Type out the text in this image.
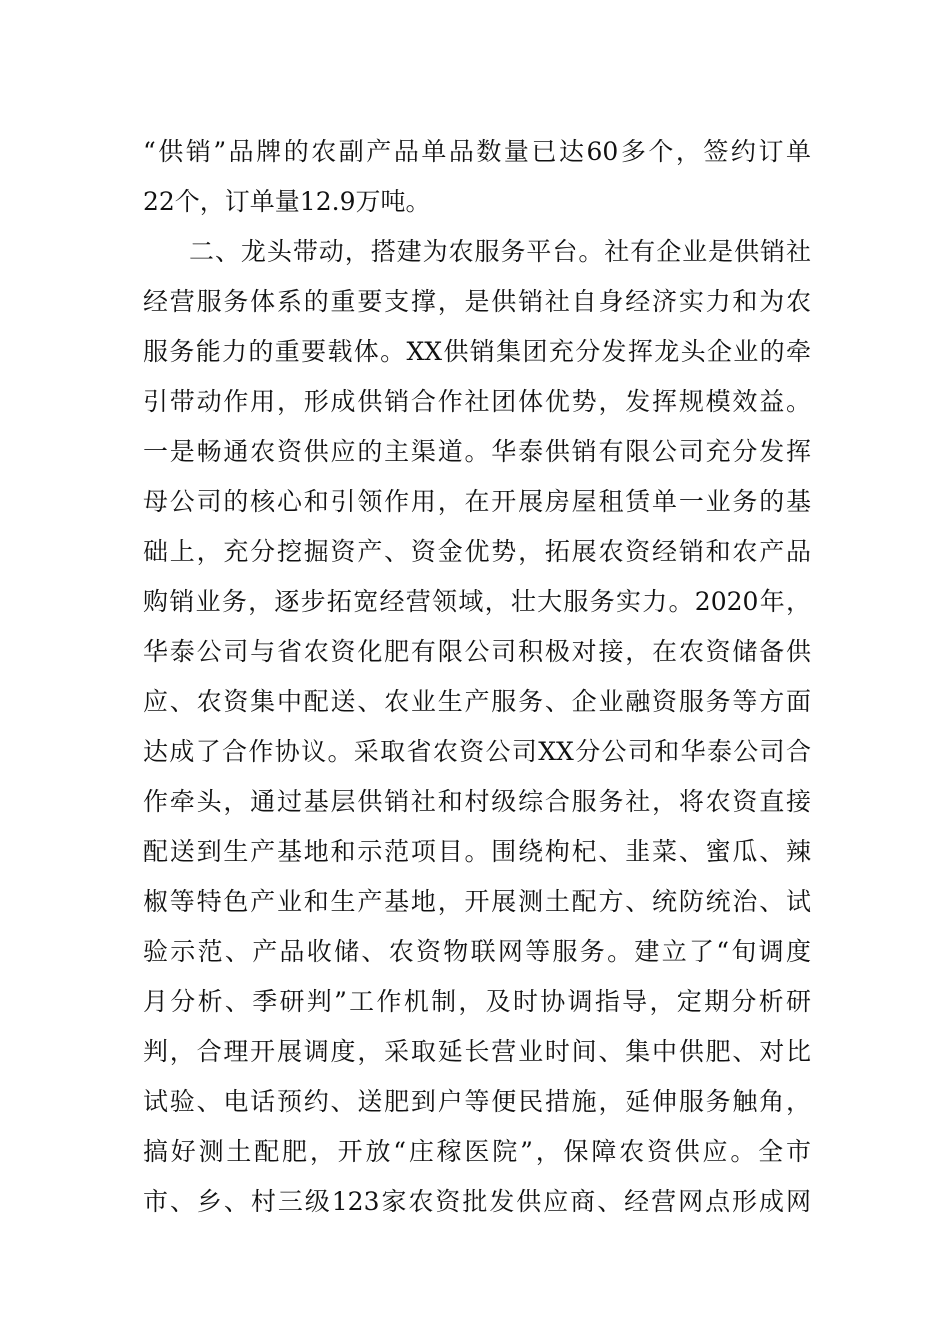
“供销”品牌的农副产品单品数量已达60多个，签约订单
22个，订单量12.9万吨。
二、龙头带动，搭建为农服务平台。社有企业是供销社
经营服务体系的重要支撑，是供销社自身经济实力和为农
服务能力的重要载体。XX供销集团充分发挥龙头企业的牵
引带动作用，形成供销合作社团体优势，发挥规模效益。
一是畅通农资供应的主渠道。华泰供销有限公司充分发挥
母公司的核心和引领作用，在开展房屋租赁单一业务的基
础上，充分挖掘资产、资金优势，拓展农资经销和农产品
购销业务，逐步拓宽经营领域，壮大服务实力。2020年，
华泰公司与省农资化肥有限公司积极对接，在农资储备供
应、农资集中配送、农业生产服务、企业融资服务等方面
达成了合作协议。采取省农资公司XX分公司和华泰公司合
作牵头，通过基层供销社和村级综合服务社，将农资直接
配送到生产基地和示范项目。围绕枸杞、韭菜、蜜瓜、辣
椒等特色产业和生产基地，开展测土配方、统防统治、试
验示范、产品收储、农资物联网等服务。建立了“旬调度
月分析、季研判”工作机制，及时协调指导，定期分析研
判，合理开展调度，采取延长营业时间、集中供肥、对比
试验、电话预约、送肥到户等便民措施，延伸服务触角，
搞好测土配肥，开放“庄稼医院”，保障农资供应。全市
市、乡、村三级123家农资批发供应商、经营网点形成网
